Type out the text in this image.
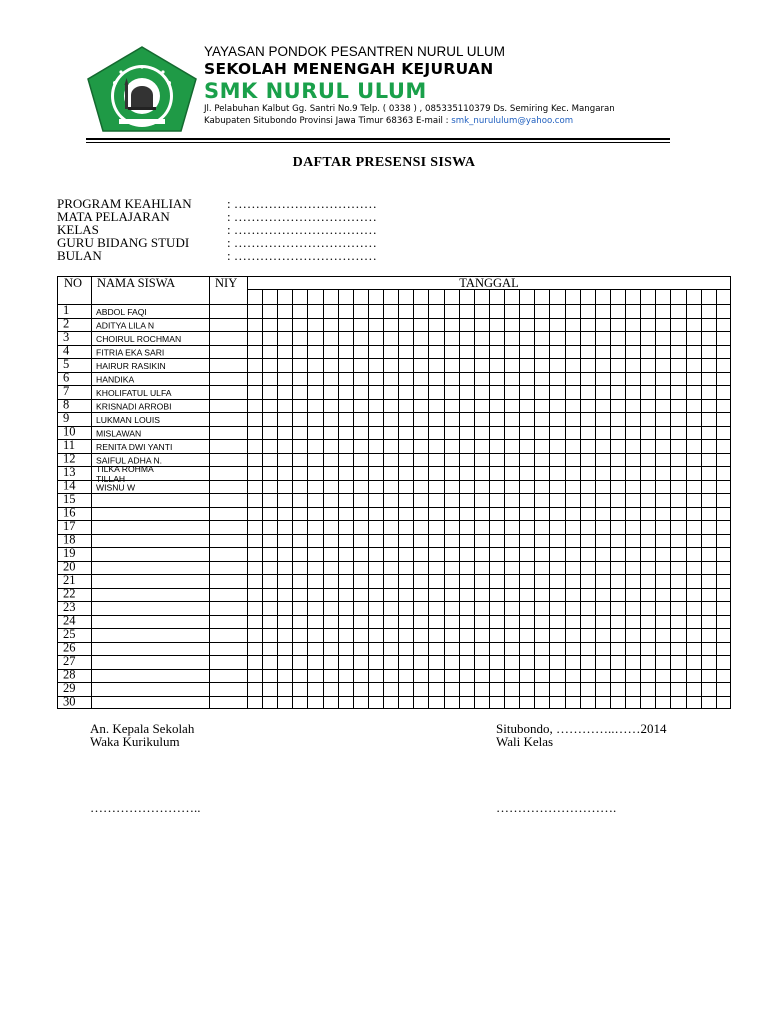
YAYASAN PONDOK PESANTREN NURUL ULUM
SEKOLAH MENENGAH KEJURUAN
SMK NURUL ULUM
Jl. Pelabuhan Kalbut Gg. Santri No.9 Telp. ( 0338 ) , 085335110379 Ds. Semiring Kec. Mangaran
Kabupaten Situbondo Provinsi Jawa Timur 68363 E-mail : smk_nurululum@yahoo.com
DAFTAR PRESENSI SISWA
PROGRAM KEAHLIAN	: ……………………………
MATA PELAJARAN	: ……………………………
KELAS	: ……………………………
GURU BIDANG STUDI	: ……………………………
BULAN	: ……………………………
NO NAMA SISWA	NIY	TANGGAL
1	ABDOL FAQI
2	ADITYA LILA N
3	CHOIRUL ROCHMAN
4	FITRIA EKA SARI
5	HAIRUR RASIKIN
6	HANDIKA
7	KHOLIFATUL ULFA
8	KRISNADI ARROBI
9	LUKMAN LOUIS
10 MISLAWAN
11 RENITA DWI YANTI
12 SAIFUL ADHA N.
13 TILKA ROHMA TILLAH
14 WISNU W
15
16
17
18
19
20
21
22
23
24
25
26
27
28
29
30
An. Kepala Sekolah
Waka Kurikulum
……………………..
Situbondo, …………..……2014
Wali Kelas
……………………….
